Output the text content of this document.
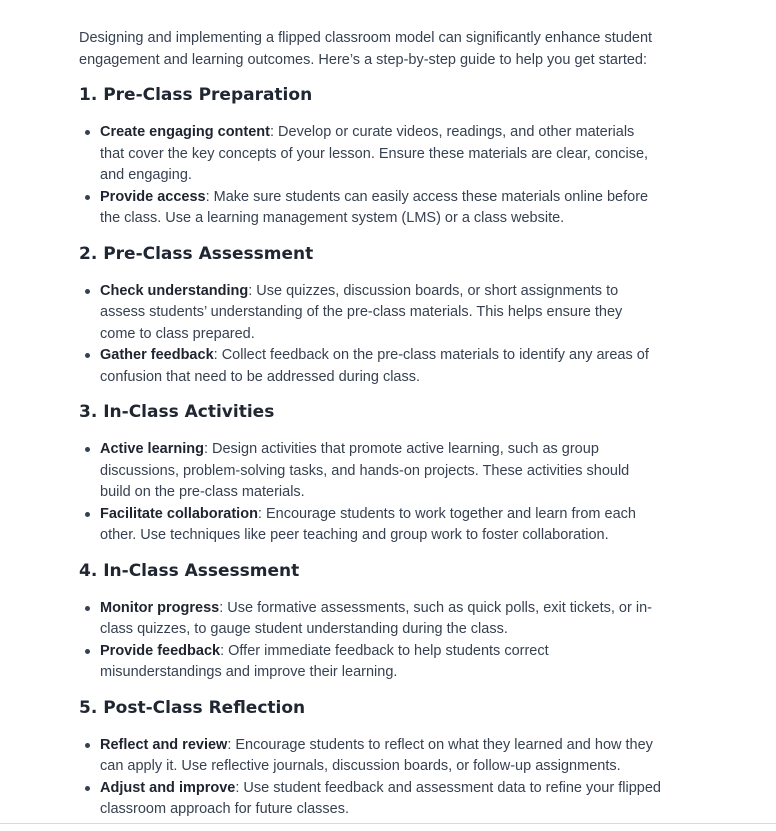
Designing and implementing a flipped classroom model can significantly enhance student engagement and learning outcomes. Here’s a step-by-step guide to help you get started:

1. Pre-Class Preparation
Create engaging content: Develop or curate videos, readings, and other materials that cover the key concepts of your lesson. Ensure these materials are clear, concise, and engaging.
Provide access: Make sure students can easily access these materials online before the class. Use a learning management system (LMS) or a class website.
2. Pre-Class Assessment
Check understanding: Use quizzes, discussion boards, or short assignments to assess students’ understanding of the pre-class materials. This helps ensure they come to class prepared.
Gather feedback: Collect feedback on the pre-class materials to identify any areas of confusion that need to be addressed during class.
3. In-Class Activities
Active learning: Design activities that promote active learning, such as group discussions, problem-solving tasks, and hands-on projects. These activities should build on the pre-class materials.
Facilitate collaboration: Encourage students to work together and learn from each other. Use techniques like peer teaching and group work to foster collaboration.
4. In-Class Assessment
Monitor progress: Use formative assessments, such as quick polls, exit tickets, or in-class quizzes, to gauge student understanding during the class.
Provide feedback: Offer immediate feedback to help students correct misunderstandings and improve their learning.
5. Post-Class Reflection
Reflect and review: Encourage students to reflect on what they learned and how they can apply it. Use reflective journals, discussion boards, or follow-up assignments.
Adjust and improve: Use student feedback and assessment data to refine your flipped classroom approach for future classes.
